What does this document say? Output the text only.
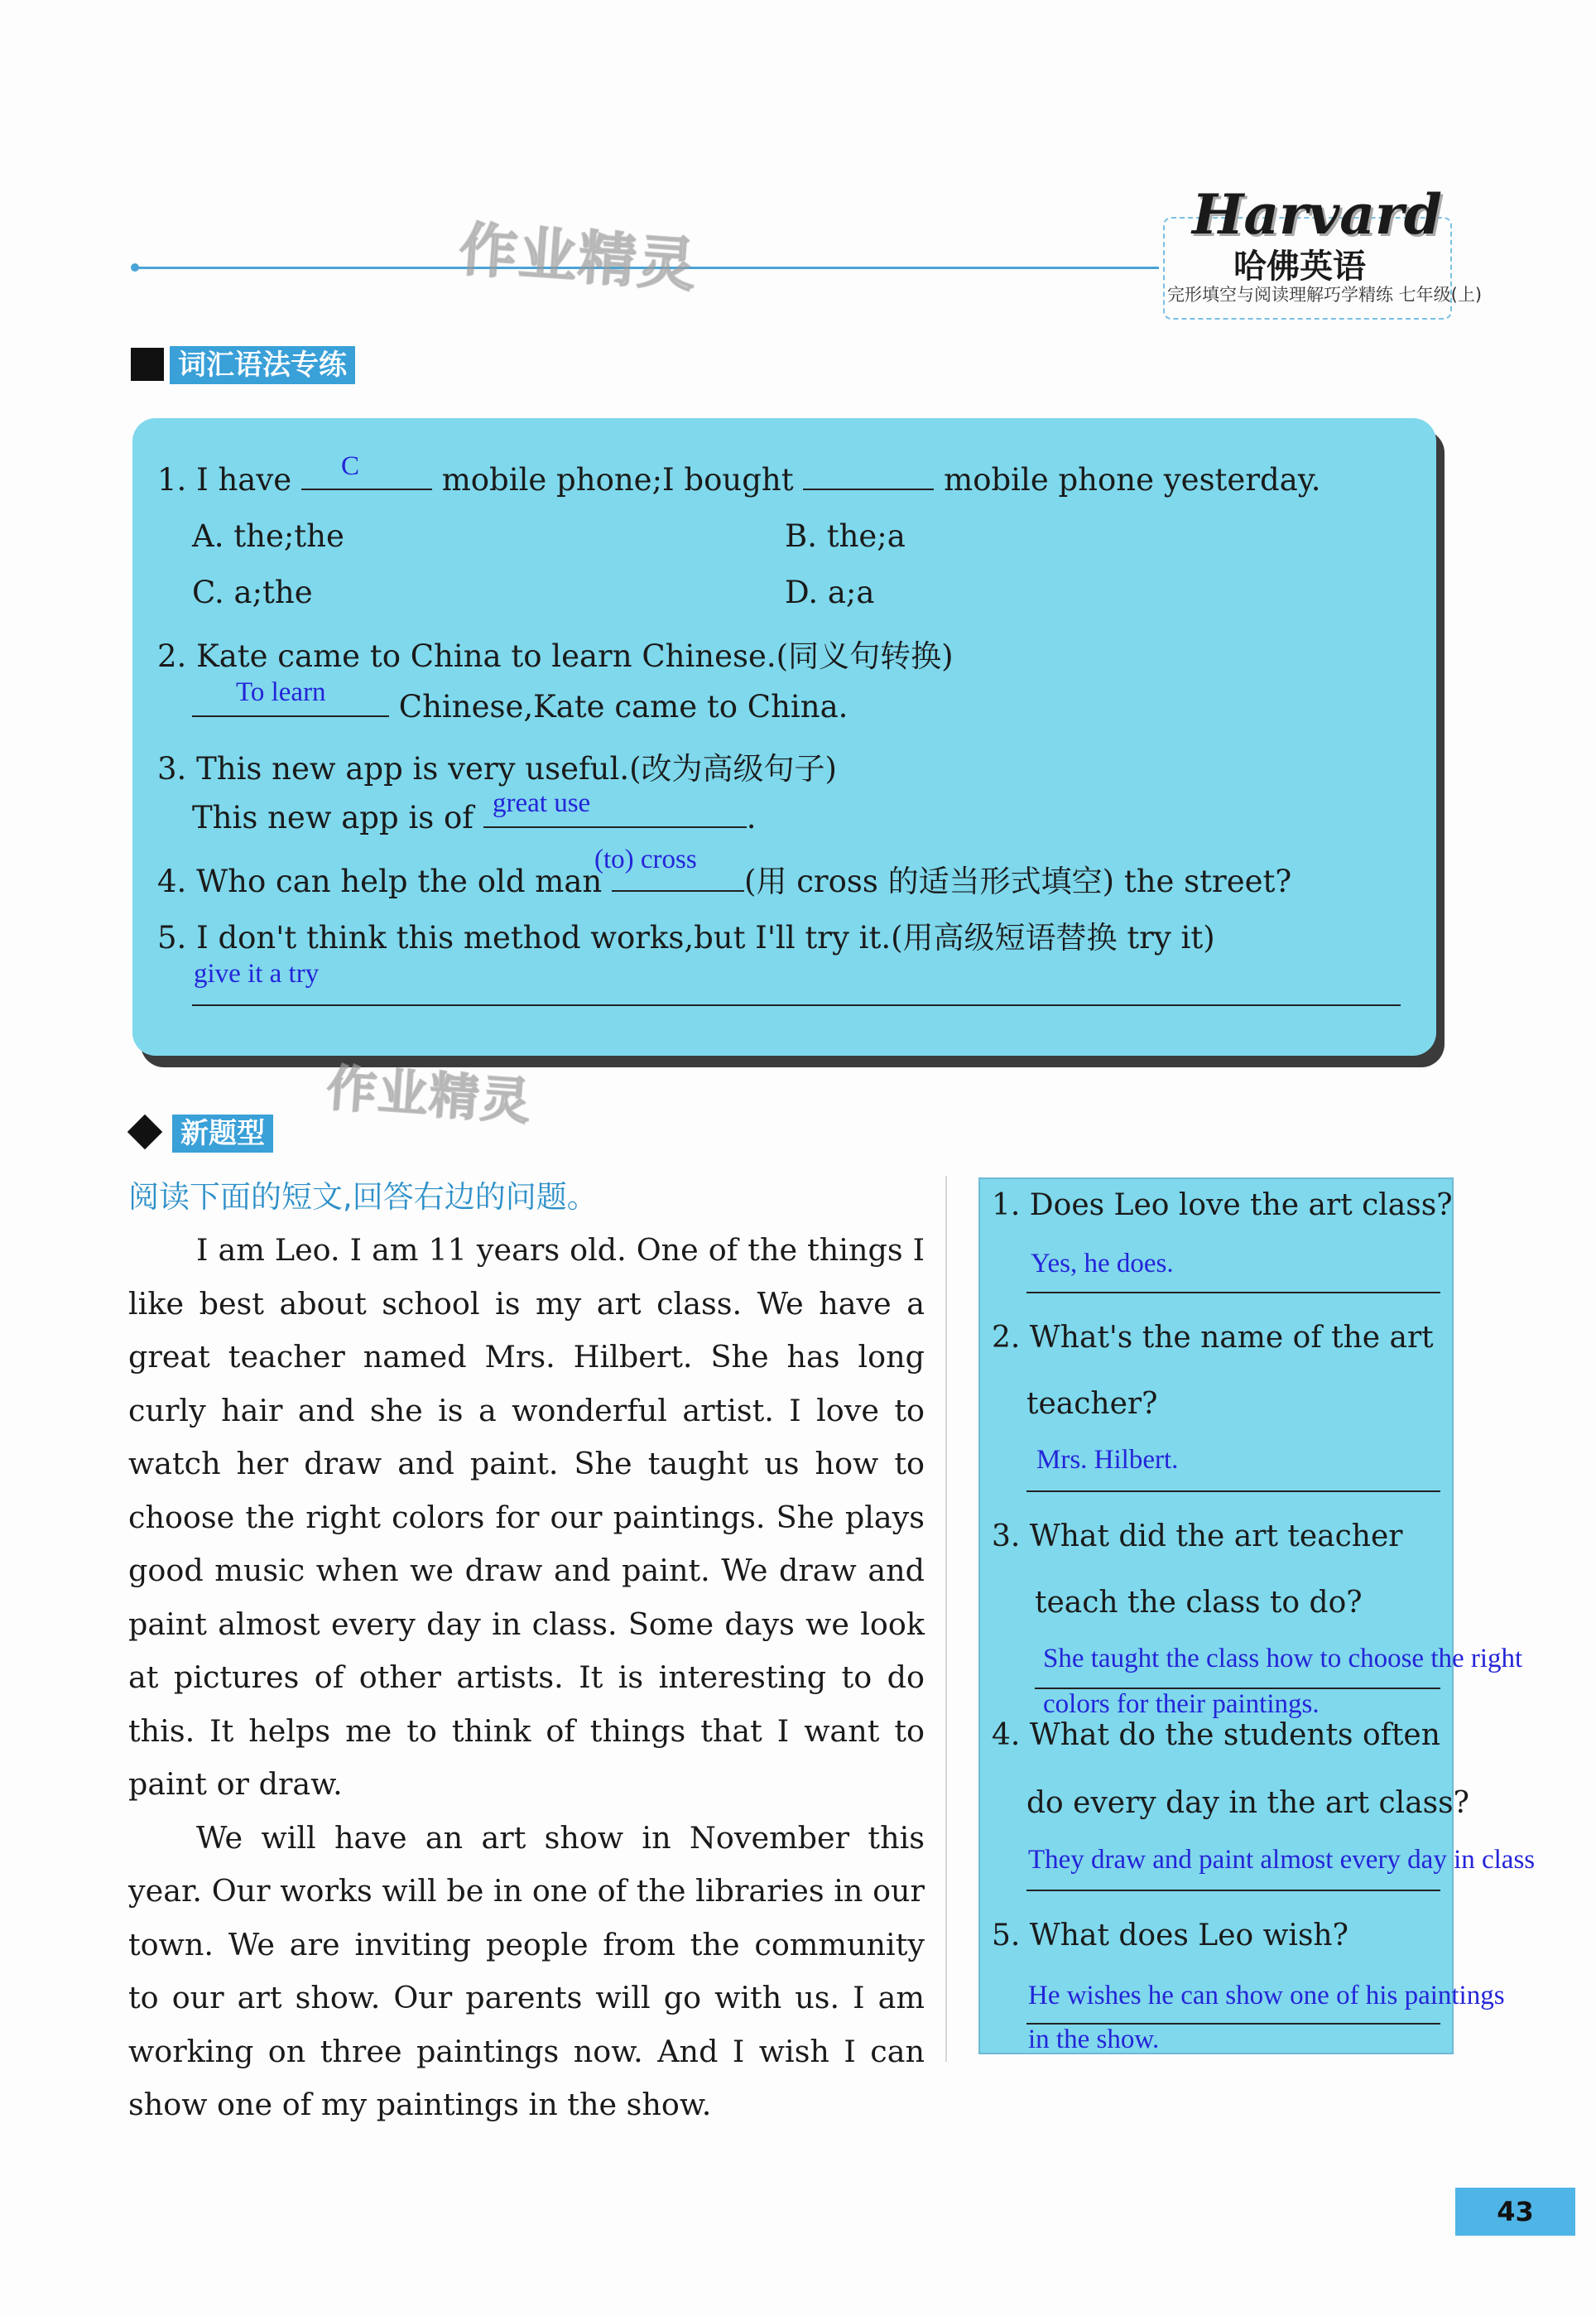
作业精灵
Harvard
哈佛英语
完形填空与阅读理解巧学精练 七年级(上)
词汇语法专练
1. I have	mobile phone;I bought	mobile phone yesterday.
C
A. the;the	B. the;a
C. a;the	D. a;a
2. Kate came to China to learn Chinese.(同义句转换)
To learn	Chinese,Kate came to China.
3. This new app is very useful.(改为高级句子)
This new app is of	.
great use
4. Who can help the old man	(用 cross 的适当形式填空) the street?
(to) cross
5. I don't think this method works,but I'll try it.(用高级短语替换 try it)
give it a try
作业精灵
新题型
阅读下面的短文,回答右边的问题。

I am Leo. I am 11 years old. One of the things I like best about school is my art class. We have a great teacher named Mrs. Hilbert. She has long curly hair and she is a wonderful artist. I love to watch her draw and paint. She taught us how to choose the right colors for our paintings. She plays good music when we draw and paint. We draw and paint almost every day in class. Some days we look at pictures of other artists. It is interesting to do this. It helps me to think of things that I want to paint or draw.

We will have an art show in November this year. Our works will be in one of the libraries in our town. We are inviting people from the community to our art show. Our parents will go with us. I am working on three paintings now. And I wish I can show one of my paintings in the show.

1. Does Leo love the art class?
Yes, he does.
2. What's the name of the art
teacher?
Mrs. Hilbert.
3. What did the art teacher
teach the class to do?
She taught the class how to choose the right
colors for their paintings.
4. What do the students often
do every day in the art class?
They draw and paint almost every day in class
5. What does Leo wish?
He wishes he can show one of his paintings
in the show.
43
